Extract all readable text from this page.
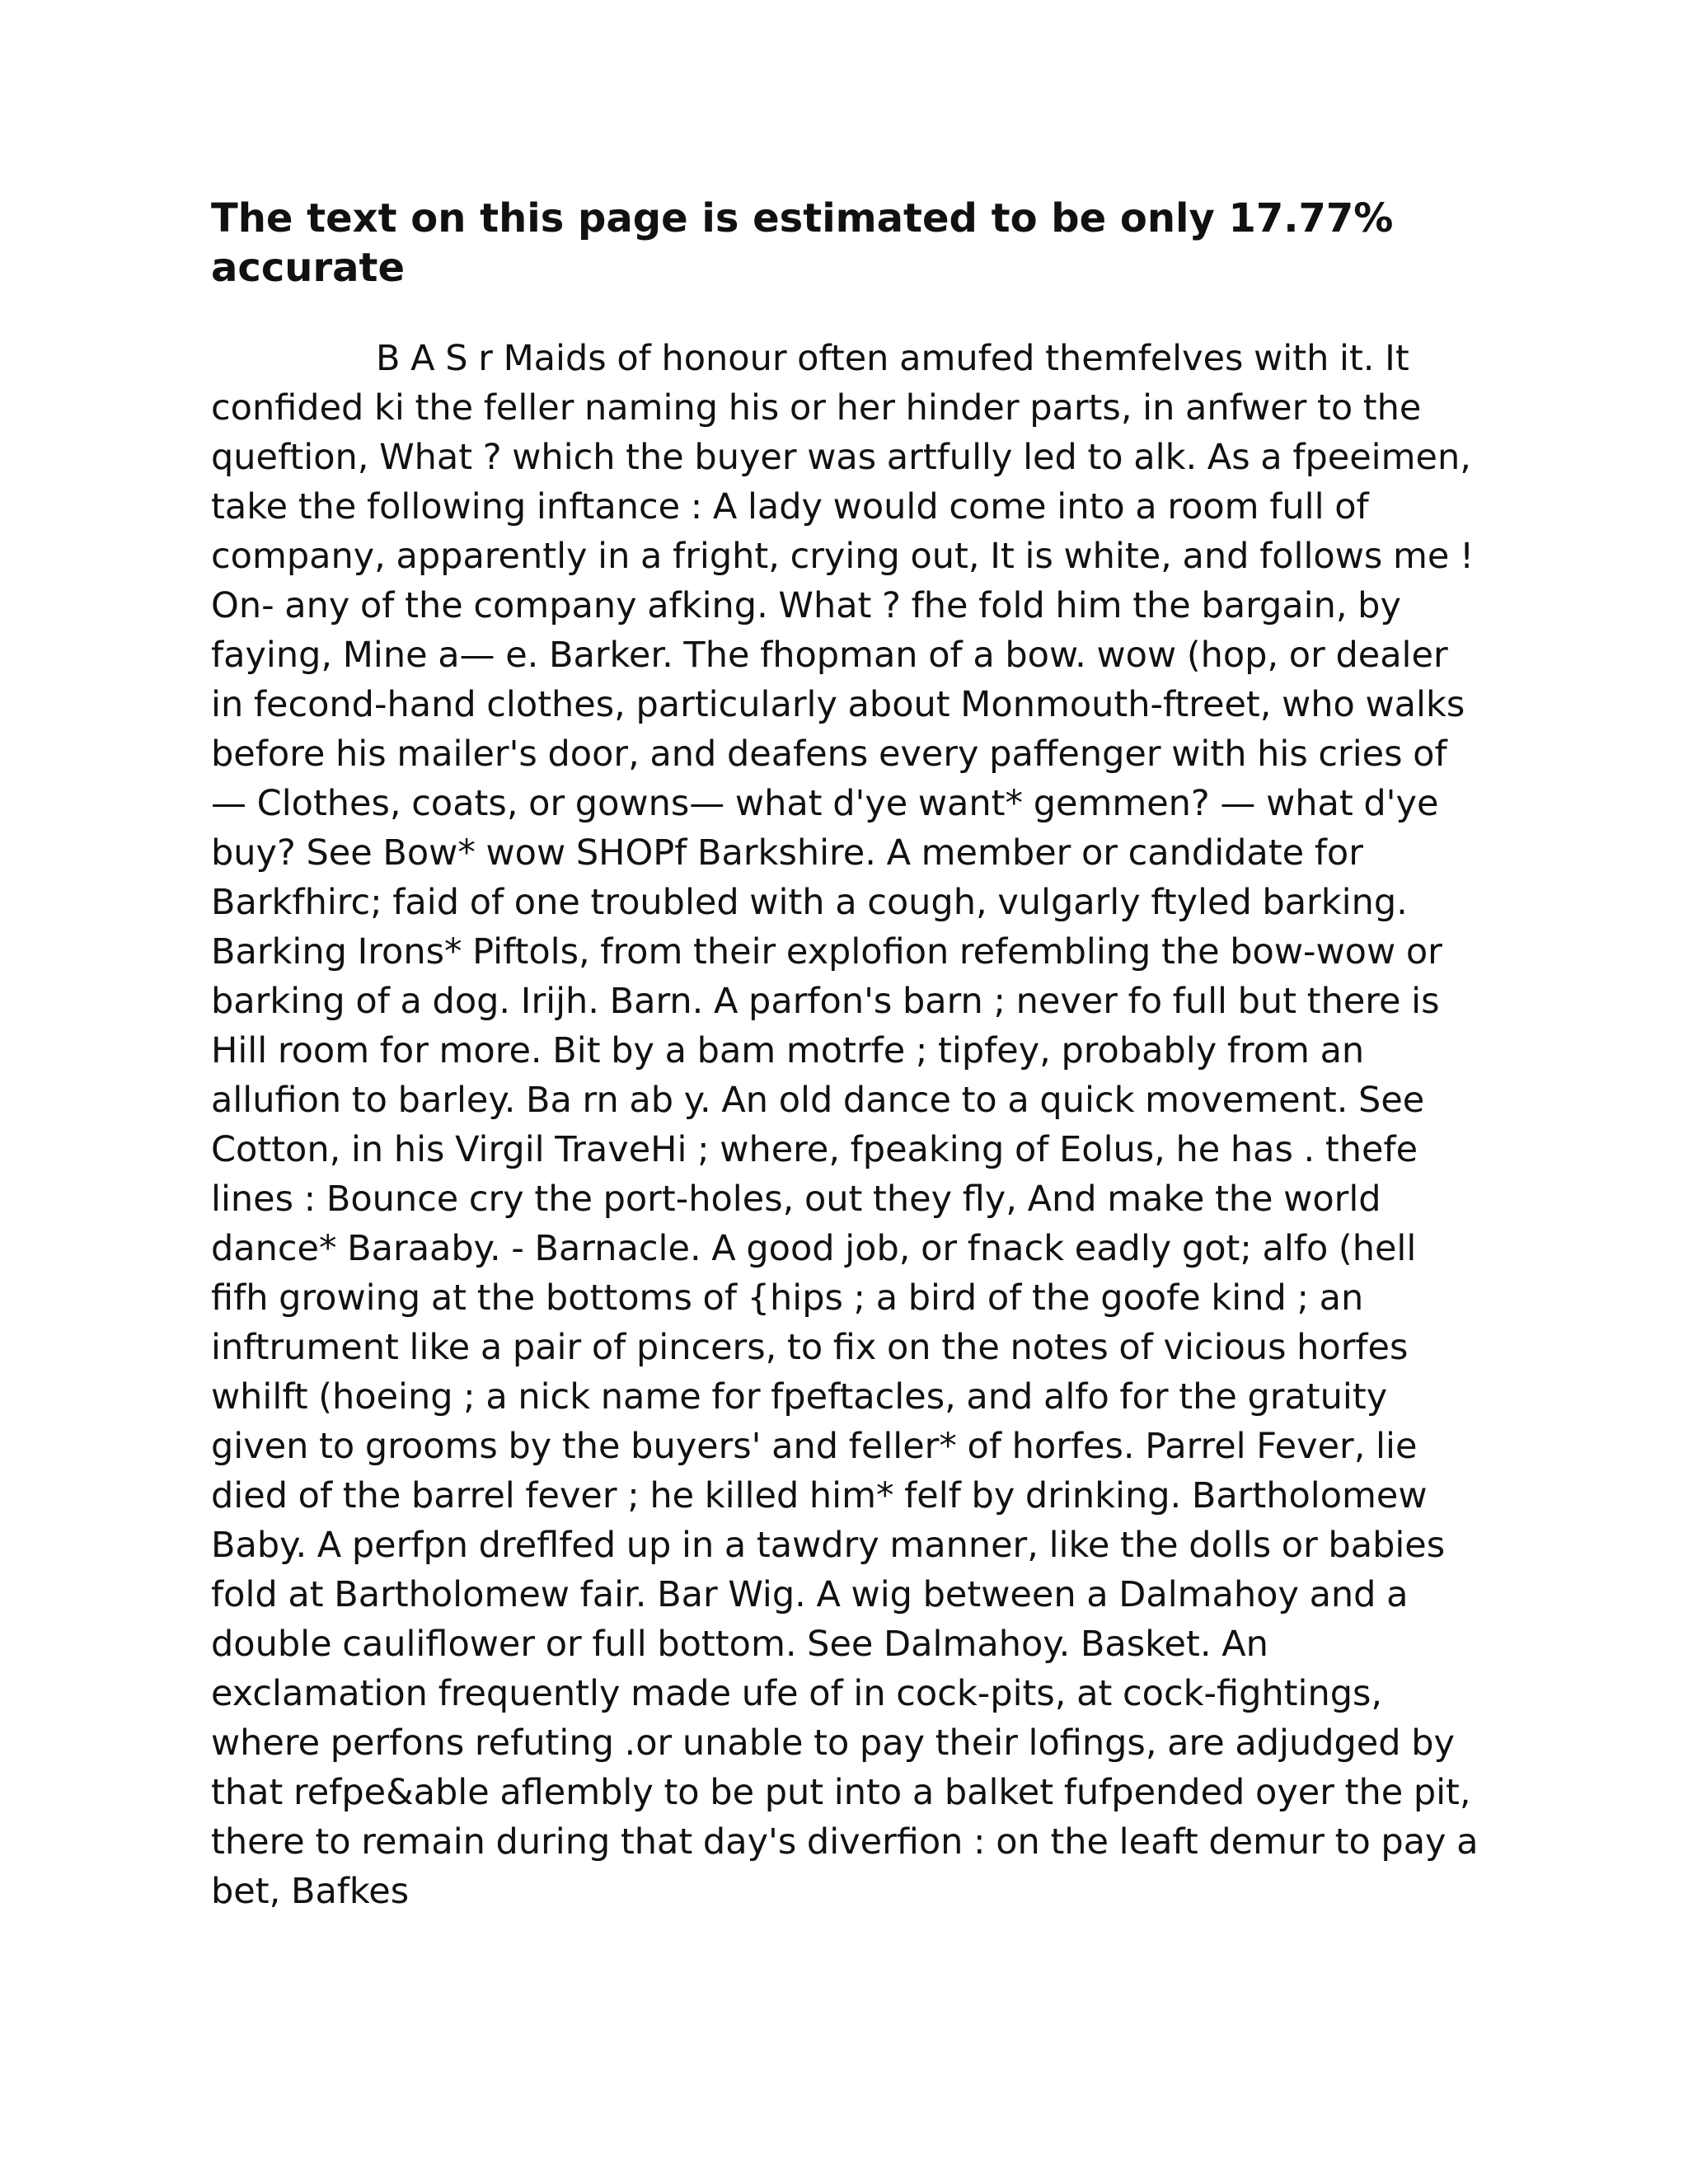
The text on this page is estimated to be only 17.77% accurate

B A S r Maids of honour often amufed themfelves with it. It confided ki the feller naming his or her hinder parts, in anfwer to the queftion, What ? which the buyer was artfully led to alk. As a fpeeimen, take the following inftance : A lady would come into a room full of company, apparently in a fright, crying out, It is white, and follows me ! On- any of the company afking. What ? fhe fold him the bargain, by faying, Mine a— e. Barker. The fhopman of a bow. wow (hop, or dealer in fecond-hand clothes, particularly about Monmouth-ftreet, who walks before his mailer's door, and deafens every paffenger with his cries of— Clothes, coats, or gowns— what d'ye want* gemmen? — what d'ye buy? See Bow* wow SHOPf Barkshire. A member or candidate for Barkfhirc; faid of one troubled with a cough, vulgarly ftyled barking. Barking Irons* Piftols, from their explofion refembling the bow-wow or barking of a dog. Irijh. Barn. A parfon's barn ; never fo full but there is Hill room for more. Bit by a bam motrfe ; tipfey, probably from an allufion to barley. Ba rn ab y. An old dance to a quick movement. See Cotton, in his Virgil TraveHi ; where, fpeaking of Eolus, he has . thefe lines : Bounce cry the port-holes, out they fly, And make the world dance* Baraaby. - Barnacle. A good job, or fnack eadly got; alfo (hell fifh growing at the bottoms of {hips ; a bird of the goofe kind ; an inftrument like a pair of pincers, to fix on the notes of vicious horfes whilft (hoeing ; a nick name for fpeftacles, and alfo for the gratuity given to grooms by the buyers' and feller* of horfes. Parrel Fever, lie died of the barrel fever ; he killed him* felf by drinking. Bartholomew Baby. A perfpn dreflfed up in a tawdry manner, like the dolls or babies fold at Bartholomew fair. Bar Wig. A wig between a Dalmahoy and a double cauliflower or full bottom. See Dalmahoy. Basket. An exclamation frequently made ufe of in cock-pits, at cock-fightings, where perfons refuting .or unable to pay their lofings, are adjudged by that refpe&able aflembly to be put into a balket fufpended oyer the pit, there to remain during that day's diverfion : on the leaft demur to pay a bet, Bafkes
